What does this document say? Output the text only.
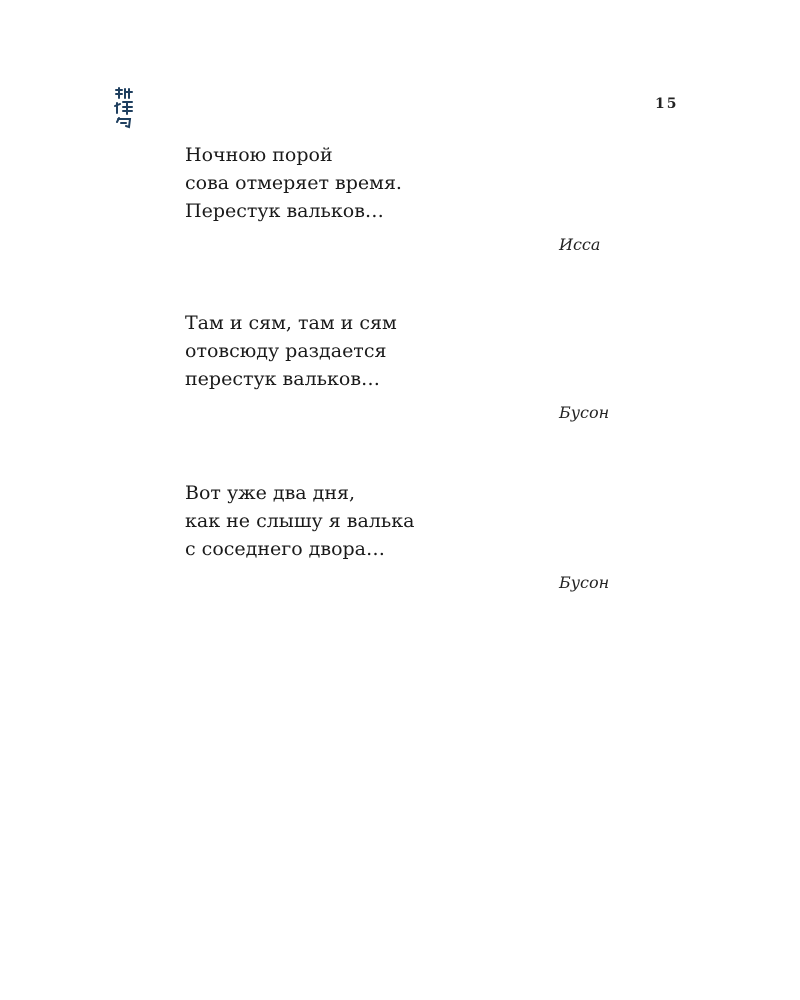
15
Ночною порой
сова отмеряет время.
Перестук вальков…
Исса
Там и сям, там и сям
отовсюду раздается
перестук вальков…
Бусон
Вот уже два дня,
как не слышу я валька
с соседнего двора…
Бусон
